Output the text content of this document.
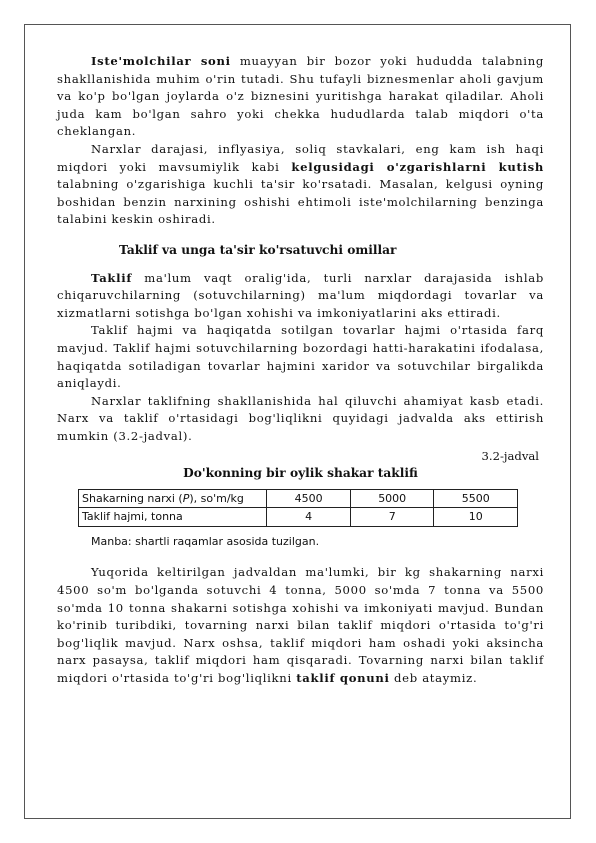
Iste'molchilar soni muayyan bir bozor yoki hududda talabning shakllanishida muhim o'rin tutadi. Shu tufayli biznesmenlar aholi gavjum va ko'p bo'lgan joylarda o'z biznesini yuritishga harakat qiladilar. Aholi juda kam bo'lgan sahro yoki chekka hududlarda talab miqdori o'ta cheklangan.

Narxlar darajasi, inflyasiya, soliq stavkalari, eng kam ish haqi miqdori yoki mavsumiylik kabi kelgusidagi o'zgarishlarni kutish talabning o'zgarishiga kuchli ta'sir ko'rsatadi. Masalan, kelgusi oyning boshidan benzin narxining oshishi ehtimoli iste'molchilarning benzinga talabini keskin oshiradi.

Taklif va unga ta'sir ko'rsatuvchi omillar

Taklif ma'lum vaqt oralig'ida, turli narxlar darajasida ishlab chiqaruvchilarning (sotuvchilarning) ma'lum miqdordagi tovarlar va xizmatlarni sotishga bo'lgan xohishi va imkoniyatlarini aks ettiradi.

Taklif hajmi va haqiqatda sotilgan tovarlar hajmi o'rtasida farq mavjud. Taklif hajmi sotuvchilarning bozordagi hatti-harakatini ifodalasa, haqiqatda sotiladigan tovarlar hajmini xaridor va sotuvchilar birgalikda aniqlaydi.

Narxlar taklifning shakllanishida hal qiluvchi ahamiyat kasb etadi. Narx va taklif o'rtasidagi bog'liqlikni quyidagi jadvalda aks ettirish mumkin (3.2-jadval).

3.2-jadval
Do'konning bir oylik shakar taklifi
Shakarning narxi (P), so'm/kg	4500	5000	5500
Taklif hajmi, tonna	4	7	10
Manba: shartli raqamlar asosida tuzilgan.

Yuqorida keltirilgan jadvaldan ma'lumki, bir kg shakarning narxi 4500 so'm bo'lganda sotuvchi 4 tonna, 5000 so'mda 7 tonna va 5500 so'mda 10 tonna shakarni sotishga xohishi va imkoniyati mavjud. Bundan ko'rinib turibdiki, tovarning narxi bilan taklif miqdori o'rtasida to'g'ri bog'liqlik mavjud. Narx oshsa, taklif miqdori ham oshadi yoki aksincha narx pasaysa, taklif miqdori ham qisqaradi. Tovarning narxi bilan taklif miqdori o'rtasida to'g'ri bog'liqlikni taklif qonuni deb ataymiz.
